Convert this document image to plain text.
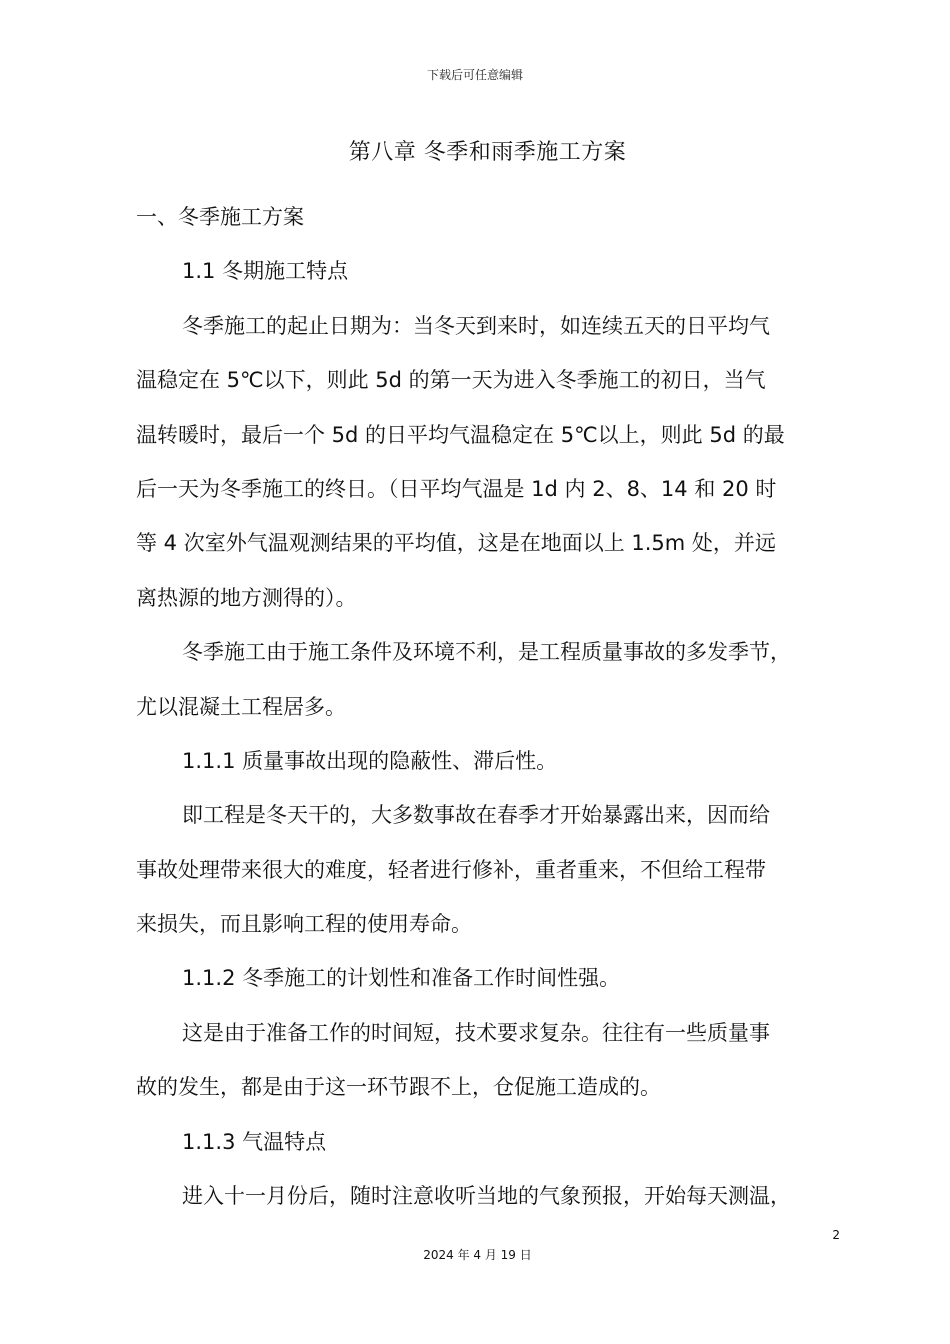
下载后可任意编辑
第八章 冬季和雨季施工方案
一、冬季施工方案
1.1 冬期施工特点
冬季施工的起止日期为：当冬天到来时，如连续五天的日平均气
温稳定在 5℃以下，则此 5d 的第一天为进入冬季施工的初日，当气
温转暖时，最后一个 5d 的日平均气温稳定在 5℃以上，则此 5d 的最
后一天为冬季施工的终日。（日平均气温是 1d 内 2、8、14 和 20 时
等 4 次室外气温观测结果的平均值，这是在地面以上 1.5m 处，并远
离热源的地方测得的）。
冬季施工由于施工条件及环境不利，是工程质量事故的多发季节，
尤以混凝土工程居多。
1.1.1 质量事故出现的隐蔽性、滞后性。
即工程是冬天干的，大多数事故在春季才开始暴露出来，因而给
事故处理带来很大的难度，轻者进行修补，重者重来，不但给工程带
来损失，而且影响工程的使用寿命。
1.1.2 冬季施工的计划性和准备工作时间性强。
这是由于准备工作的时间短，技术要求复杂。往往有一些质量事
故的发生，都是由于这一环节跟不上，仓促施工造成的。
1.1.3 气温特点
进入十一月份后，随时注意收听当地的气象预报，开始每天测温，
2
2024 年 4 月 19 日
